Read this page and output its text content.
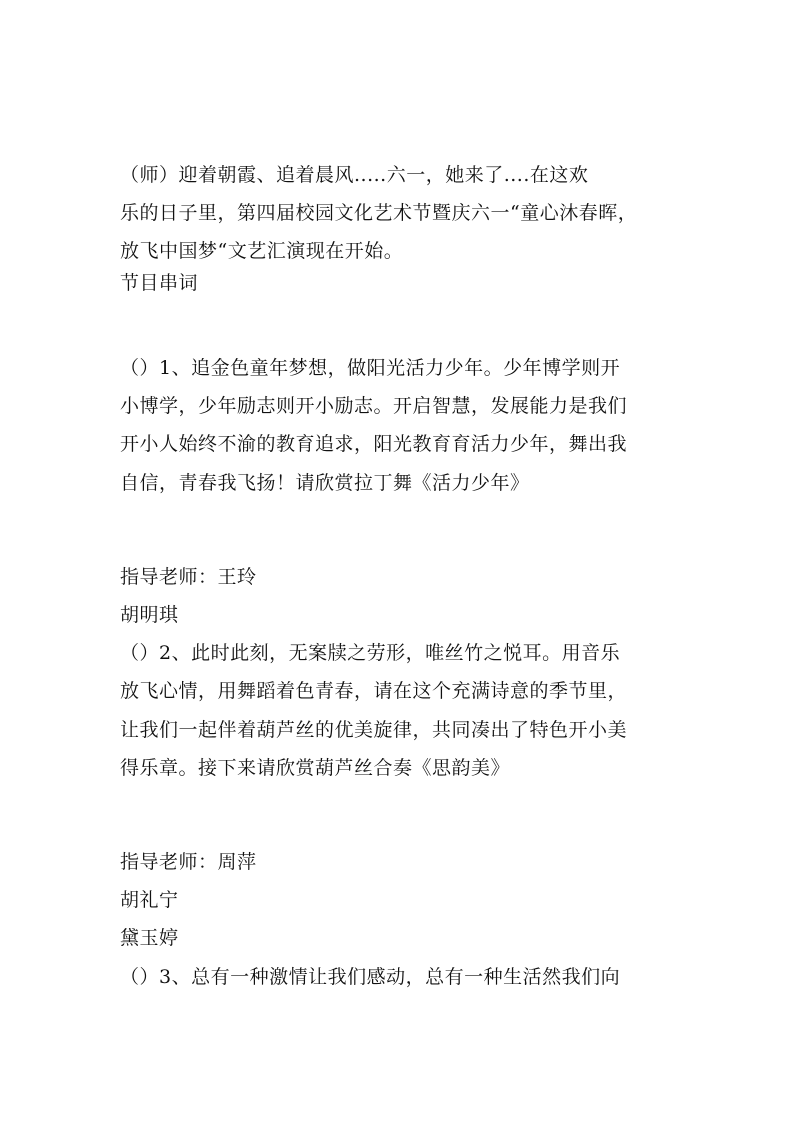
（师）迎着朝霞、追着晨风.....六一，她来了....在这欢
乐的日子里，第四届校园文化艺术节暨庆六一“童心沐春晖，
放飞中国梦“文艺汇演现在开始。
节目串词
（）1、追金色童年梦想，做阳光活力少年。少年博学则开
小博学，少年励志则开小励志。开启智慧，发展能力是我们
开小人始终不渝的教育追求，阳光教育育活力少年，舞出我
自信，青春我飞扬！请欣赏拉丁舞《活力少年》
指导老师：王玲
胡明琪
（）2、此时此刻，无案牍之劳形，唯丝竹之悦耳。用音乐
放飞心情，用舞蹈着色青春，请在这个充满诗意的季节里，
让我们一起伴着葫芦丝的优美旋律，共同凑出了特色开小美
得乐章。接下来请欣赏葫芦丝合奏《思韵美》
指导老师：周萍
胡礼宁
黛玉婷
（）3、总有一种激情让我们感动，总有一种生活然我们向
